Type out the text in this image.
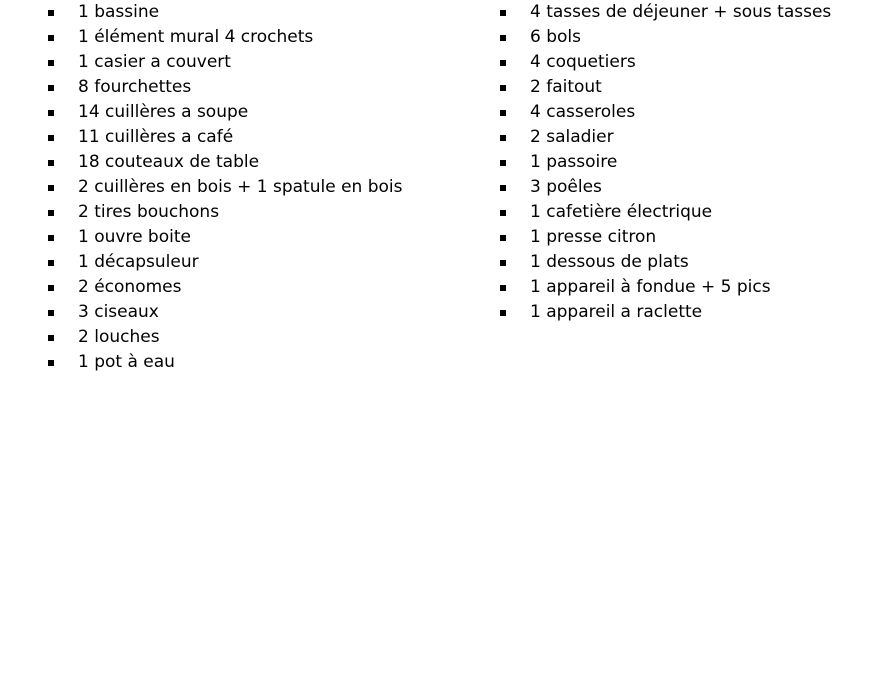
1 bassine
1 élément mural 4 crochets
1 casier a couvert
8 fourchettes
14 cuillères a soupe
11 cuillères a café
18 couteaux de table
2 cuillères en bois + 1 spatule en bois
2 tires bouchons
1 ouvre boite
1 décapsuleur
2 économes
3 ciseaux
2 louches
1 pot à eau
4 tasses de déjeuner + sous tasses
6 bols
4 coquetiers
2 faitout
4 casseroles
2 saladier
1 passoire
3 poêles
1 cafetière électrique
1 presse citron
1 dessous de plats
1 appareil à fondue + 5 pics
1 appareil a raclette
